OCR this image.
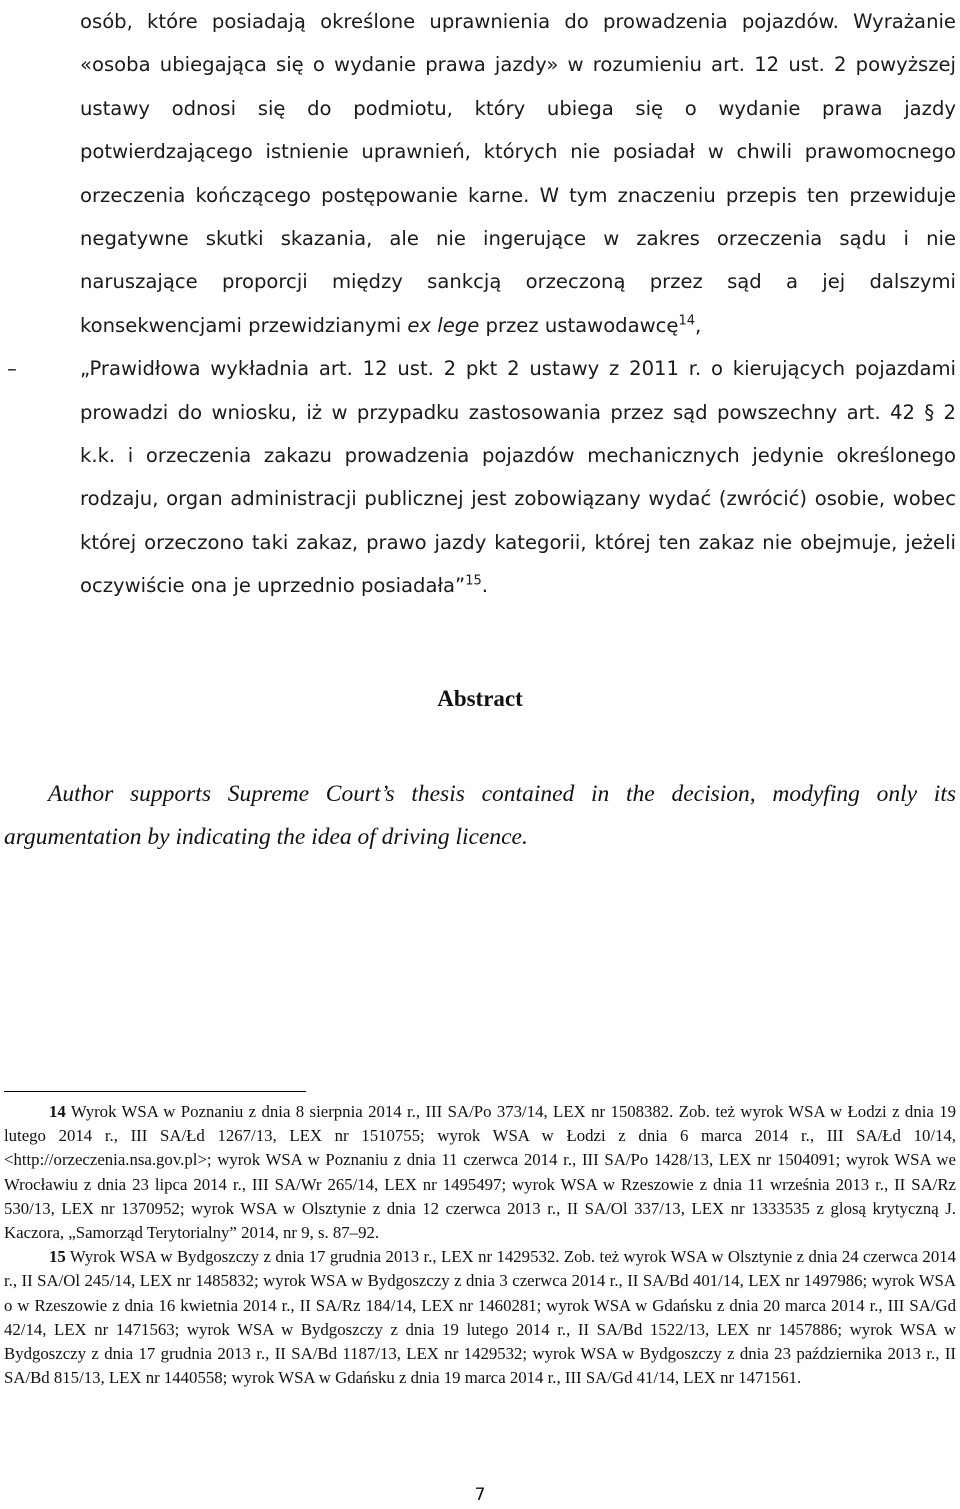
osób, które posiadają określone uprawnienia do prowadzenia pojazdów. Wyrażanie «osoba ubiegająca się o wydanie prawa jazdy» w rozumieniu art. 12 ust. 2 powyższej ustawy odnosi się do podmiotu, który ubiega się o wydanie prawa jazdy potwierdzającego istnienie uprawnień, których nie posiadał w chwili prawomocnego orzeczenia kończącego postępowanie karne. W tym znaczeniu przepis ten przewiduje negatywne skutki skazania, ale nie ingerujące w zakres orzeczenia sądu i nie naruszające proporcji między sankcją orzeczoną przez sąd a jej dalszymi konsekwencjami przewidzianymi ex lege przez ustawodawcę$^{14}$,

–	„Prawidłowa wykładnia art. 12 ust. 2 pkt 2 ustawy z 2011 r. o kierujących pojazdami prowadzi do wniosku, iż w przypadku zastosowania przez sąd powszechny art. 42 § 2 k.k. i orzeczenia zakazu prowadzenia pojazdów mechanicznych jedynie określonego rodzaju, organ administracji publicznej jest zobowiązany wydać (zwrócić) osobie, wobec której orzeczono taki zakaz, prawo jazdy kategorii, której ten zakaz nie obejmuje, jeżeli oczywiście ona je uprzednio posiadała”$^{15}$.

Abstract
Author supports Supreme Court’s thesis contained in the decision, modyfing only its argumentation by indicating the idea of driving licence.

14 Wyrok WSA w Poznaniu z dnia 8 sierpnia 2014 r., III SA/Po 373/14, LEX nr 1508382. Zob. też wyrok WSA w Łodzi z dnia 19 lutego 2014 r., III SA/Łd 1267/13, LEX nr 1510755; wyrok WSA w Łodzi z dnia 6 marca 2014 r., III SA/Łd 10/14, <http://orzeczenia.nsa.gov.pl>; wyrok WSA w Poznaniu z dnia 11 czerwca 2014 r., III SA/Po 1428/13, LEX nr 1504091; wyrok WSA we Wrocławiu z dnia 23 lipca 2014 r., III SA/Wr 265/14, LEX nr 1495497; wyrok WSA w Rzeszowie z dnia 11 września 2013 r., II SA/Rz 530/13, LEX nr 1370952; wyrok WSA w Olsztynie z dnia 12 czerwca 2013 r., II SA/Ol 337/13, LEX nr 1333535 z glosą krytyczną J. Kaczora, „Samorząd Terytorialny” 2014, nr 9, s. 87–92.

15 Wyrok WSA w Bydgoszczy z dnia 17 grudnia 2013 r., LEX nr 1429532. Zob. też wyrok WSA w Olsztynie z dnia 24 czerwca 2014 r., II SA/Ol 245/14, LEX nr 1485832; wyrok WSA w Bydgoszczy z dnia 3 czerwca 2014 r., II SA/Bd 401/14, LEX nr 1497986; wyrok WSA o w Rzeszowie z dnia 16 kwietnia 2014 r., II SA/Rz 184/14, LEX nr 1460281; wyrok WSA w Gdańsku z dnia 20 marca 2014 r., III SA/Gd 42/14, LEX nr 1471563; wyrok WSA w Bydgoszczy z dnia 19 lutego 2014 r., II SA/Bd 1522/13, LEX nr 1457886; wyrok WSA w Bydgoszczy z dnia 17 grudnia 2013 r., II SA/Bd 1187/13, LEX nr 1429532; wyrok WSA w Bydgoszczy z dnia 23 października 2013 r., II SA/Bd 815/13, LEX nr 1440558; wyrok WSA w Gdańsku z dnia 19 marca 2014 r., III SA/Gd 41/14, LEX nr 1471561.

7
